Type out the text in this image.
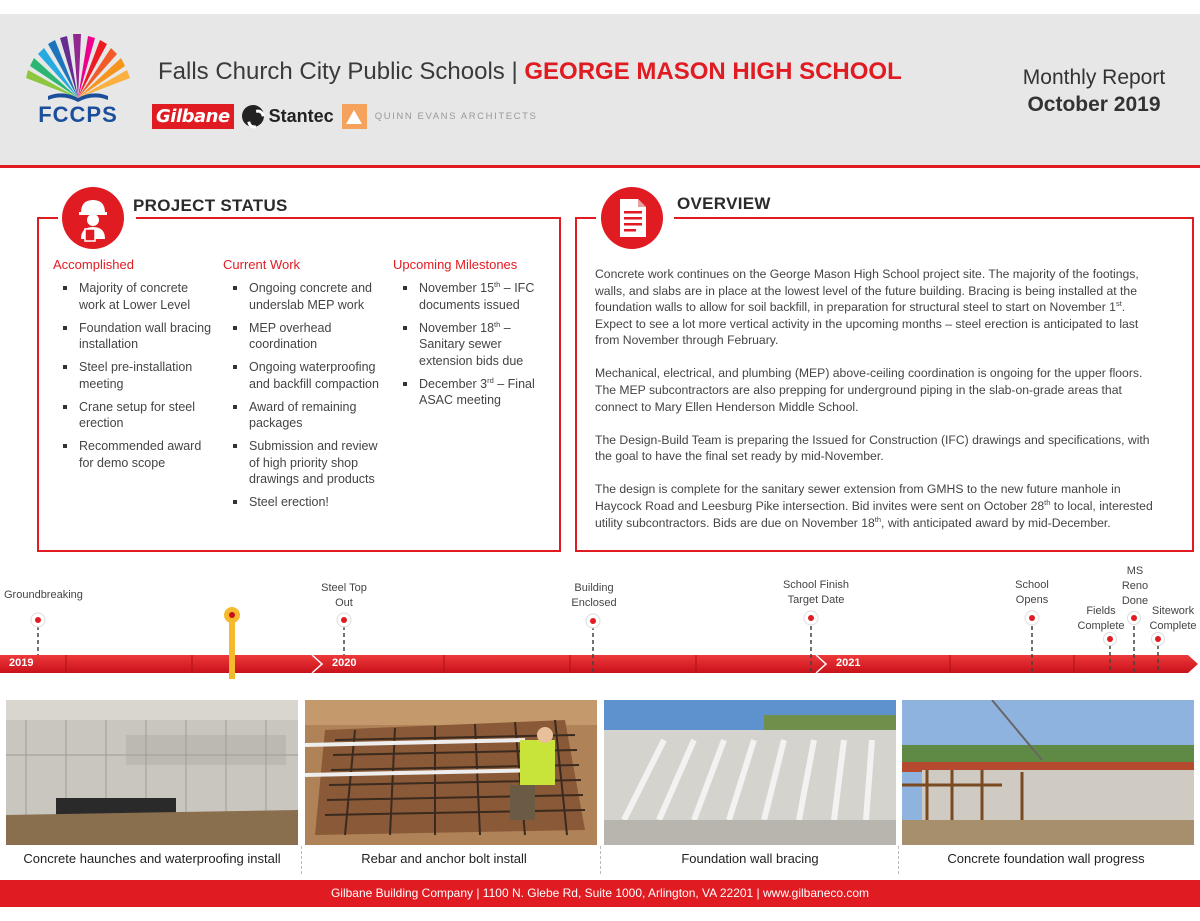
FCCPS
Falls Church City Public Schools | GEORGE MASON HIGH SCHOOL
Gilbane Stantec	QUINN EVANS ARCHITECTS
Monthly Report
October 2019
PROJECT STATUS
Accomplished
Majority of concrete work at Lower Level
Foundation wall bracing installation
Steel pre-installation meeting
Crane setup for steel erection
Recommended award for demo scope
Current Work
Ongoing concrete and underslab MEP work
MEP overhead coordination
Ongoing waterproofing and backfill compaction
Award of remaining packages
Submission and review of high priority shop drawings and products
Steel erection!
Upcoming Milestones
November 15th – IFC documents issued
November 18th – Sanitary sewer extension bids due
December 3rd – Final ASAC meeting
OVERVIEW

Concrete work continues on the George Mason High School project site. The majority of the footings, walls, and slabs are in place at the lowest level of the future building. Bracing is being installed at the foundation walls to allow for soil backfill, in preparation for structural steel to start on November 1st. Expect to see a lot more vertical activity in the upcoming months – steel erection is anticipated to last from November through February.

Mechanical, electrical, and plumbing (MEP) above-ceiling coordination is ongoing for the upper floors. The MEP subcontractors are also prepping for underground piping in the slab-on-grade areas that connect to Mary Ellen Henderson Middle School.

The Design-Build Team is preparing the Issued for Construction (IFC) drawings and specifications, with the goal to have the final set ready by mid-November.

The design is complete for the sanitary sewer extension from GMHS to the new future manhole in Haycock Road and Leesburg Pike intersection. Bid invites were sent on October 28th to local, interested utility subcontractors. Bids are due on November 18th, with anticipated award by mid-December.

2019	2020	2021
Groundbreaking
Steel Top Out
Building Enclosed
School Finish Target Date
School Opens
Fields Complete
MS Reno Done
Sitework Complete
Concrete haunches and waterproofing install	Rebar and anchor bolt install	Foundation wall bracing	Concrete foundation wall progress
Gilbane Building Company | 1100 N. Glebe Rd, Suite 1000, Arlington, VA 22201 | www.gilbaneco.com
